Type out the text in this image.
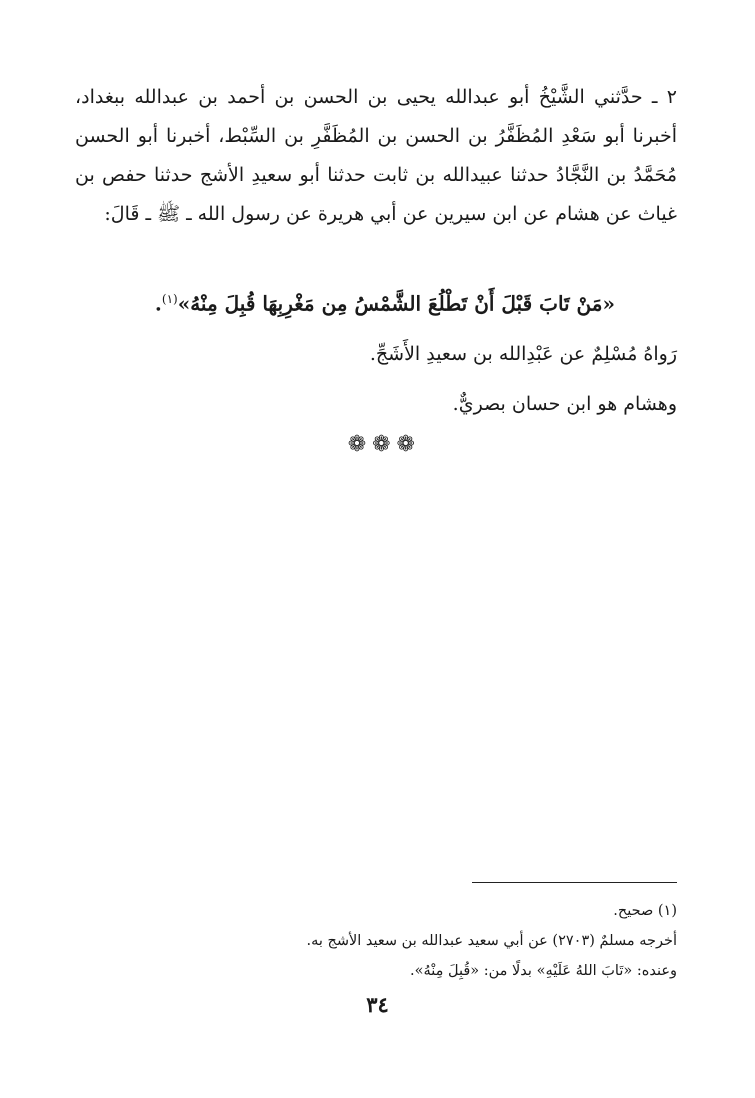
٢ ـ حدَّثني الشَّيْخُ أبو عبدالله يحيى بن الحسن بن أحمد بن عبدالله ببغداد، أخبرنا أبو سَعْدِ المُظَفَّرُ بن الحسن بن المُظَفَّرِ بن السِّبْط، أخبرنا أبو الحسن مُحَمَّدُ بن النَّجَّادُ حدثنا عبيدالله بن ثابت حدثنا أبو سعيدِ الأشج حدثنا حفص بن غياث عن هشام عن ابن سيرين عن أبي هريرة عن رسول الله ـ ﷺ ـ قَالَ:

«مَنْ تَابَ قَبْلَ أَنْ تَطْلُعَ الشَّمْسُ مِن مَغْرِبِهَا قُبِلَ مِنْهُ»$^{(١)}$.
رَواهُ مُسْلِمٌ عن عَبْدِالله بن سعيدِ الأَشَجِّ.
وهشام هو ابن حسان بصريٌّ.
❁❁❁

(١) صحيح.

أخرجه مسلمٌ (٢٧٠٣) عن أبي سعيد عبدالله بن سعيد الأشج به.

وعنده: «تَابَ اللهُ عَلَيْهِ» بدلًا من: «قُبِلَ مِنْهُ».

٣٤
